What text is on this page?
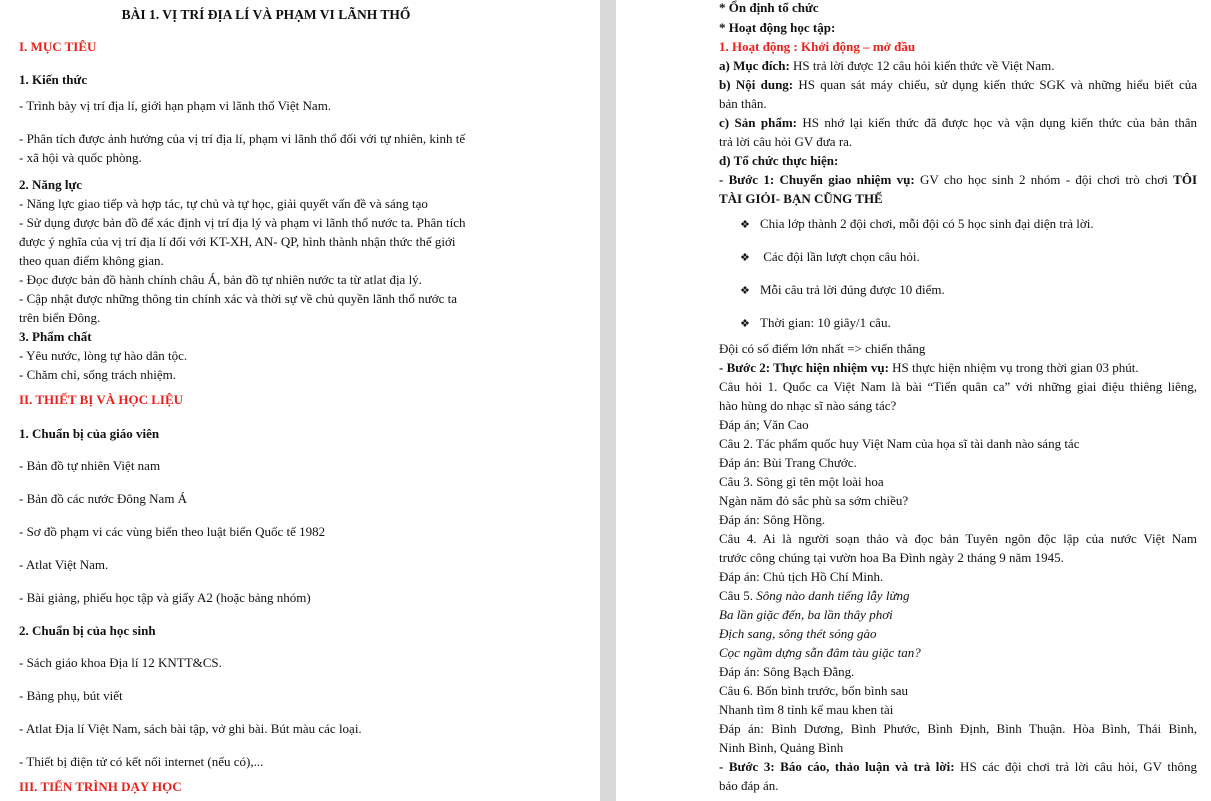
BÀI 1. VỊ TRÍ ĐỊA LÍ VÀ PHẠM VI LÃNH THỔ
I. MỤC TIÊU
1. Kiến thức
- Trình bày vị trí địa lí, giới hạn phạm vi lãnh thổ Việt Nam.
- Phân tích được ảnh hưởng của vị trí địa lí, phạm vi lãnh thổ đối với tự nhiên, kinh tế
- xã hội và quốc phòng.
2. Năng lực
- Năng lực giao tiếp và hợp tác, tự chủ và tự học, giải quyết vấn đề và sáng tạo
- Sử dụng được bản đồ để xác định vị trí địa lý và phạm vi lãnh thổ nước ta. Phân tích
được ý nghĩa của vị trí địa lí đối với KT-XH, AN- QP, hình thành nhận thức thế giới
theo quan điểm không gian.
- Đọc được bản đồ hành chính châu Á, bản đồ tự nhiên nước ta từ atlat địa lý.
- Cập nhật được những thông tin chính xác và thời sự về chủ quyền lãnh thổ nước ta
trên biển Đông.
3. Phẩm chất
- Yêu nước, lòng tự hào dân tộc.
- Chăm chỉ, sống trách nhiệm.
II. THIẾT BỊ VÀ HỌC LIỆU
1. Chuẩn bị của giáo viên
- Bản đồ tự nhiên Việt nam
- Bản đồ các nước Đông Nam Á
- Sơ đồ phạm vi các vùng biển theo luật biển Quốc tế 1982
- Atlat Việt Nam.
- Bài giảng, phiếu học tập và giấy A2 (hoặc bảng nhóm)
2. Chuẩn bị của học sinh
- Sách giáo khoa Địa lí 12 KNTT&CS.
- Bảng phụ, bút viết
- Atlat Địa lí Việt Nam, sách bài tập, vở ghi bài. Bút màu các loại.
- Thiết bị điện tử có kết nối internet (nếu có),...
III. TIẾN TRÌNH DẠY HỌC
* Ổn định tổ chức
* Hoạt động học tập:
1. Hoạt động : Khởi động – mở đầu
a) Mục đích: HS trả lời được 12 câu hỏi kiến thức về Việt Nam.
b) Nội dung: HS quan sát máy chiếu, sử dụng kiến thức SGK và những hiểu biết của
bản thân.
c) Sản phẩm: HS nhớ lại kiến thức đã được học và vận dụng kiến thức của bản thân
trả lời câu hỏi GV đưa ra.
d) Tổ chức thực hiện:
- Bước 1: Chuyển giao nhiệm vụ: GV cho học sinh 2 nhóm - đội chơi trò chơi TÔI
TÀI GIỎI- BẠN CŨNG THẾ
❖ Chia lớp thành 2 đội chơi, mỗi đội có 5 học sinh đại diện trả lời.
❖ Các đội lần lượt chọn câu hỏi.
❖ Mỗi câu trả lời đúng được 10 điểm.
❖ Thời gian: 10 giây/1 câu.
Đội có số điểm lớn nhất => chiến thắng
- Bước 2: Thực hiện nhiệm vụ: HS thực hiện nhiệm vụ trong thời gian 03 phút.
Câu hỏi 1. Quốc ca Việt Nam là bài “Tiến quân ca” với những giai điệu thiêng liêng,
hào hùng do nhạc sĩ nào sáng tác?
Đáp án; Văn Cao
Câu 2. Tác phẩm quốc huy Việt Nam của họa sĩ tài danh nào sáng tác
Đáp án: Bùi Trang Chước.
Câu 3. Sông gì tên một loài hoa
Ngàn năm đỏ sắc phù sa sớm chiều?
Đáp án: Sông Hồng.
Câu 4. Ai là người soạn thảo và đọc bản Tuyên ngôn độc lập của nước Việt Nam
trước công chúng tại vườn hoa Ba Đình ngày 2 tháng 9 năm 1945.
Đáp án: Chủ tịch Hồ Chí Minh.
Câu 5. Sông nào danh tiếng lẫy lừng
Ba lần giặc đến, ba lần thây phơi
Địch sang, sông thét sóng gào
Cọc ngầm dựng sẵn đâm tàu giặc tan?
Đáp án: Sông Bạch Đằng.
Câu 6. Bốn bình trước, bốn bình sau
Nhanh tìm 8 tỉnh kể mau khen tài
Đáp án: Bình Dương, Bình Phước, Bình Định, Bình Thuận. Hòa Bình, Thái Bình,
Ninh Bình, Quảng Bình
- Bước 3: Báo cáo, thảo luận và trả lời: HS các đội chơi trả lời câu hỏi, GV thông
báo đáp án.
